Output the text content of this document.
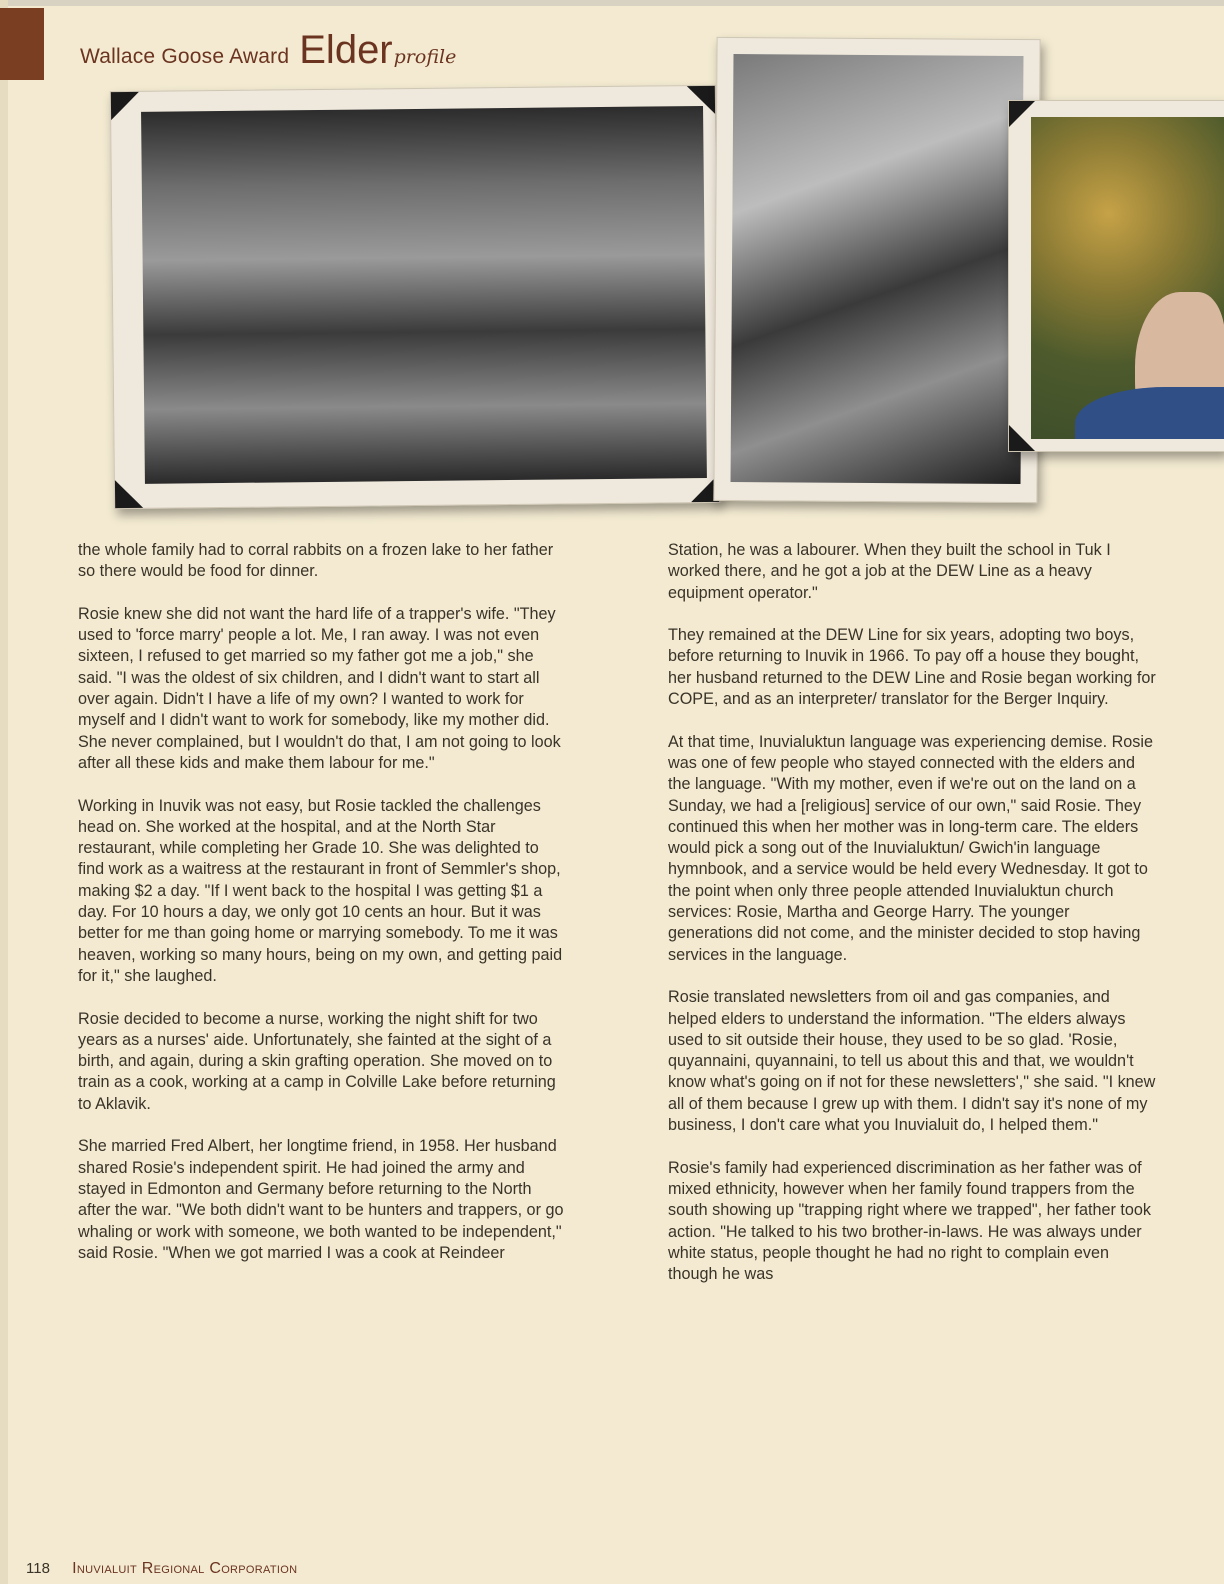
Wallace Goose Award Elder profile

the whole family had to corral rabbits on a frozen lake to her father so there would be food for dinner.

Rosie knew she did not want the hard life of a trapper's wife. "They used to 'force marry' people a lot. Me, I ran away. I was not even sixteen, I refused to get married so my father got me a job," she said. "I was the oldest of six children, and I didn't want to start all over again. Didn't I have a life of my own? I wanted to work for myself and I didn't want to work for somebody, like my mother did. She never complained, but I wouldn't do that, I am not going to look after all these kids and make them labour for me."

Working in Inuvik was not easy, but Rosie tackled the challenges head on. She worked at the hospital, and at the North Star restaurant, while completing her Grade 10. She was delighted to find work as a waitress at the restaurant in front of Semmler's shop, making $2 a day. "If I went back to the hospital I was getting $1 a day. For 10 hours a day, we only got 10 cents an hour. But it was better for me than going home or marrying somebody. To me it was heaven, working so many hours, being on my own, and getting paid for it," she laughed.

Rosie decided to become a nurse, working the night shift for two years as a nurses' aide. Unfortunately, she fainted at the sight of a birth, and again, during a skin grafting operation. She moved on to train as a cook, working at a camp in Colville Lake before returning to Aklavik.

She married Fred Albert, her longtime friend, in 1958. Her husband shared Rosie's independent spirit. He had joined the army and stayed in Edmonton and Germany before returning to the North after the war. "We both didn't want to be hunters and trappers, or go whaling or work with someone, we both wanted to be independent," said Rosie. "When we got married I was a cook at Reindeer

Station, he was a labourer. When they built the school in Tuk I worked there, and he got a job at the DEW Line as a heavy equipment operator."

They remained at the DEW Line for six years, adopting two boys, before returning to Inuvik in 1966. To pay off a house they bought, her husband returned to the DEW Line and Rosie began working for COPE, and as an interpreter/ translator for the Berger Inquiry.

At that time, Inuvialuktun language was experiencing demise. Rosie was one of few people who stayed connected with the elders and the language. "With my mother, even if we're out on the land on a Sunday, we had a [religious] service of our own," said Rosie. They continued this when her mother was in long-term care. The elders would pick a song out of the Inuvialuktun/ Gwich'in language hymnbook, and a service would be held every Wednesday. It got to the point when only three people attended Inuvialuktun church services: Rosie, Martha and George Harry. The younger generations did not come, and the minister decided to stop having services in the language.

Rosie translated newsletters from oil and gas companies, and helped elders to understand the information. "The elders always used to sit outside their house, they used to be so glad. 'Rosie, quyannaini, quyannaini, to tell us about this and that, we wouldn't know what's going on if not for these newsletters'," she said. "I knew all of them because I grew up with them. I didn't say it's none of my business, I don't care what you Inuvialuit do, I helped them."

Rosie's family had experienced discrimination as her father was of mixed ethnicity, however when her family found trappers from the south showing up "trapping right where we trapped", her father took action. "He talked to his two brother-in-laws. He was always under white status, people thought he had no right to complain even though he was

118 Inuvialuit Regional Corporation
